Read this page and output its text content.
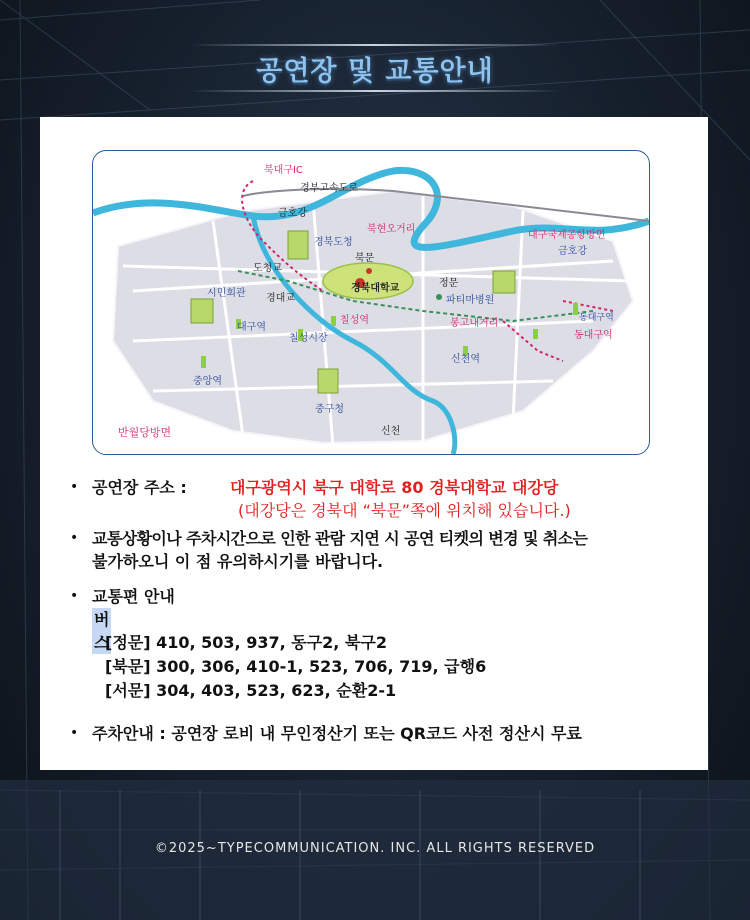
공연장 및 교통안내
북대구IC
경부고속도로
금호강
북현오거리
경북도청
대구국제공항방면
금호강
도청교
북문
시민회관 경대교
경북대학교	정문
파티마병원
동대구역
대구역
칠성역	봉고내거리
동대구역
칠성시장
신천역
중앙역
중구청
반월당방면	신천
• 공연장 주소 :	대구광역시 북구 대학로 80 경북대학교 대강당
(대강당은 경북대 “북문”쪽에 위치해 있습니다.)
• 교통상황이나 주차시간으로 인한 관람 지연 시 공연 티켓의 변경 및 취소는
불가하오니 이 점 유의하시기를 바랍니다.
• 교통편 안내
버스
[정문] 410, 503, 937, 동구2, 북구2
[북문] 300, 306, 410-1, 523, 706, 719, 급행6
[서문] 304, 403, 523, 623, 순환2-1
• 주차안내 : 공연장 로비 내 무인정산기 또는 QR코드 사전 정산시 무료
©2025~TYPECOMMUNICATION. INC. ALL RIGHTS RESERVED
